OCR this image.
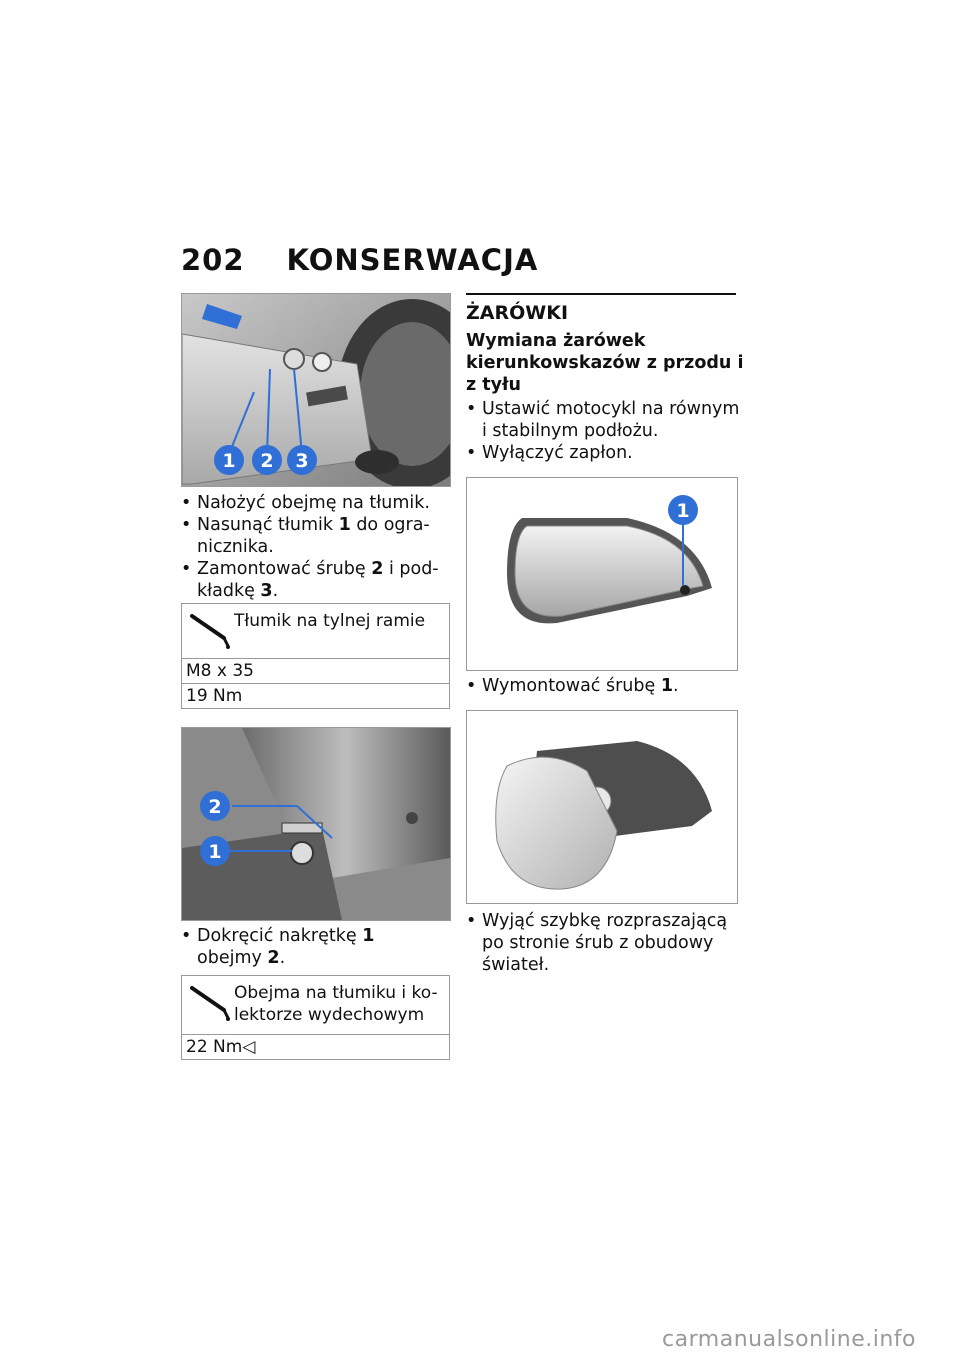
202 KONSERWACJA
1 2 3
• Nałożyć obejmę na tłumik.
• Nasunąć tłumik 1 do ogra-nicznika.
• Zamontować śrubę 2 i pod-kładkę 3.
Tłumik na tylnej ramie
M8 x 35
19 Nm
2
1
• Dokręcić nakrętkę 1 obejmy 2.
Obejma na tłumiku i ko-lektorze wydechowym
22 Nm◁
ŻARÓWKI
Wymiana żarówek kierunkowskazów z przodu i z tyłu
• Ustawić motocykl na równym i stabilnym podłożu.
• Wyłączyć zapłon.
1
• Wymontować śrubę 1.
• Wyjąć szybkę rozpraszającą po stronie śrub z obudowy świateł.
carmanualsonline.info
